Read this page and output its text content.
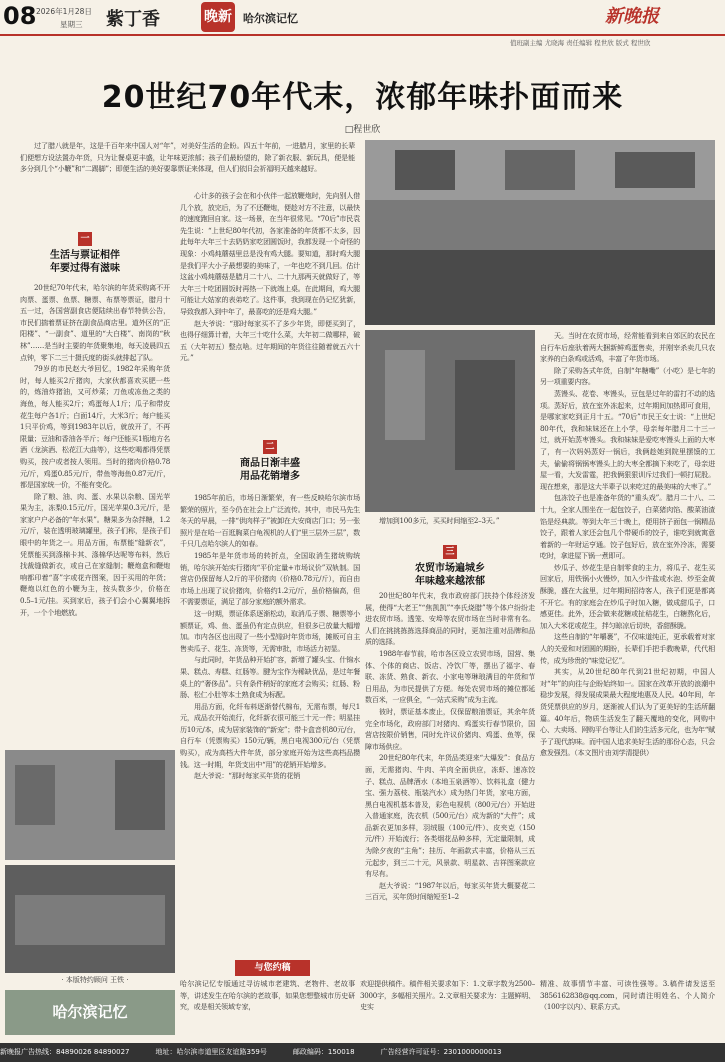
08 2026年1月28日
星期三 紫丁香	晚新 哈尔滨记忆	新晚报
值班副主编 尤晓海 责任编辑 程世欣 版式 程世欣
20世纪70年代末，浓郁年味扑面而来
□程世欣

过了腊八就是年，这是千百年来中国人对“年”，对美好生活的企盼。四五十年前，一进腊月，家里的长辈们便想方设法置办年货，只为让餐桌更丰盛，让年味更浓郁；孩子们最盼望的，除了新衣服、新玩具，便是能多分到几个“小鞭”和“二踢脚”；即便生活的美好要靠票证来体现，但人们依旧会祈福明天越来越好。

一
生活与票证相伴
年要过得有滋味

20世纪70年代末，哈尔滨的年货采购离不开肉票、蛋票、鱼票、糖票、布票等票证，腊月十五一过，各国营副食店便陆续出春节特供公告，市民们揣着票证挤在副食品商店里。道外区的“正阳楼”、“一副食”、道里的“大白楼”、南岗的“秋林”……是当时主要的年货聚集地，每天凌晨四五点钟，零下二三十摄氏度的街头就排起了队。

79岁的市民赵大爷回忆，1982年采购年货时，每人能买2斤猪肉，大家伙都喜欢买肥一些的，炼油炸猪油，又可炒菜；刀鱼或冻鱼之类的海鱼，每人能买2斤；鸡蛋每人1斤；瓜子和带皮花生每户各1斤；白面14斤，大米3斤；每户能买1只平价鸡，等到1983年以后，就放开了，不再限量；豆油和香油各半斤；每户还能买1瓶地方名酒（龙滨酒、松花江大曲等），这些吃喝都得凭票购买，按户或者按人领用。当时的猪肉价格0.78元/斤，鸡蛋0.85元/斤，带鱼等海鱼0.87元/斤，都是国家统一价，不能有变化。

除了粮、油、肉、蛋、水果以杂粮、国光苹果为主，冻梨0.15元/斤，国光苹果0.3元/斤，是家家户户必备的“年水果”。糖果多为杂拌糖，1.2元/斤，装在透明玻璃罐里，孩子们称，是孩子们眼中的年货之一。用品方面，布票能“缝新衣”，凭票能买到涤棉卡其、涤棉华达呢等布料，然后找裁缝做新衣，或自己在家缝制；鞭炮盒和鞭炮响都印着“喜”字或花卉图案，因于买用的年货；鞭炮以红色的小鞭为主，按头数多少，价格在0.5–1元/挂。买到家后，孩子们会小心翼翼地拆开，一个个地燃放。

心计多的孩子会在和小伙伴一起放鞭炮时，先向别人借几个放，放完后，为了不还鞭炮，便趁对方不注意，以最快的速度跑回自家。这一场景，在当年很常见。“70后”市民袁先生说：“上世纪80年代初，各家准备的年货都不太多，因此每年大年三十去奶奶家吃团圆饭时，我都发现一个奇怪的现象：小鸡炖蘑菇里总是没有鸡大腿。要知道，那时鸡大腿是我们平大小子最想要的美味了，一年也吃不到几回。估计这盆小鸡炖蘑菇是腊月二十八、二十九那两天就做好了，等大年三十吃团圆饭时再热一下就端上桌。在此期间，鸡大腿可能让大姑家的表弟吃了。这件事，我到现在仍记忆犹新，导致我都入到中年了，最喜吃的还是鸡大腿。”

赵大爷说：“那时每家买不了多少年货，即便买到了，也得仔细算计着，大年三十吃什么菜，大年初二做哪样，破五（大年初五）整点啥。过年期间的年货往往随着就五六十元。”

二
商品日渐丰盛
用品花销增多

1985年前后，市场日渐繁荣，有一些反映哈尔滨市场繁荣的照片，至今仍在社会上广泛流传。其中，市民马先生冬天的早晨，一排“供肉样子”被卸在大安商店门口；另一张照片是在哈一百逛胸菜白龟视机的人们“里三层外三层”，数千只几点哈尔滨人的如春。

1985年是年货市场的转折点，全国取消生猪统购统销，哈尔滨开始实行猪肉“平价定量+市场议价”双轨制。国营店仍保留每人2斤的平价猪肉（价格0.78元/斤），而自由市场上出现了议价猪肉，价格约1.2元/斤，虽价格偏高，但不需要票证，满足了部分家庭的额外需求。

这一时期，票证体系逐渐松动，取消瓜子票、糖票等小额票证，鸡、鱼、蛋虽仍有定点供应，但很多已放量大幅增加。市内各区也出现了一些小型临时年货市场，摊贩可自主售卖瓜子、花生、冻货等，无需审批，市场活力初显。

与此同时，年货品种开始扩容，新增了罐头宝、什锦水果、糕点、寿糕、红肠等。腱为宝作为稀缺优品，是过年餐桌上的“奢侈品”。只有条件稍好的家庭才会购买；红肠、粉肠、松仁小肚等本土熟食成为标配。

用品方面，化纤布料逐渐替代棉布，无需布票，每尺1元，成品衣开始流行，化纤新衣很可能三十元一件；明星挂历10元/本，成为居家装饰的“新宠”；带卡盒音机80元/台，自行车（凭票购买）150元/辆，黑白电视300元/台（凭票购买），成为高档大件年货，部分家庭开始为这些高档品攒钱。这一时期，年货支出中“用”的花销开始增多。

赵大爷说：“那时每家买年货的花销

增加到100多元，买买时间缩至2–3天。”

三
农贸市场遍城乡
年味越来越浓郁

20世纪80年代末，我市政府部门扶持个体经济发展，使得“大老王”“焦凯凯”“李氏烧腊”等个体户纷纷走进农贸市场。透笼、安埠等农贸市场在当时非常有名。人们在挑挑拣拣选择商品的同时，更加注重对品牌和品质的选择。

1988年春节前，哈市各区设立农贸市场，国营、集体、个体的商店、饭店、冷饮厂等，摆出了福字、春联、冻货、熟食、新衣、小家电等琳琅满目的年货和节日用品，为市民提供了方便。每处农贸市场的摊位都延数百米，一应俱全，“一站式采购”成为主流。

彼时，票证基本废止，仅保留粮油票证，其余年货完全市场化，政府部门对猪肉、鸡蛋实行春节限价，国营店按限价销售，同时允许议价猪肉、鸡蛋、鱼等，保障市场供应。

20世纪80年代末，年货品类迎来“大爆发”：食品方面，无需猪肉、牛肉、羊肉全面供应，冻虾、速冻饺子、糕点、品牌酒水（本地玉泉酒等）、饮料礼盒（健力宝、强力荔枝、瓶装汽水）成为热门年货，家电方面，黑白电视机基本普及，彩色电视机（800元/台）开始进入普通家庭，洗衣机（500元/台）成为新的“大件”；成品新衣更加多样，羽绒服（100元/件）、皮夹克（150元/件）开始流行；各类烟花品种多样，无定量限制，成为除夕夜的“主角”；挂历、年画款式丰富，价格从三五元起步，到三二十元，风景款、明星款、吉祥图案款应有尽有。

赵大爷说：“1987年以后，每家买年货大概要花二三百元，买年货时间缩短至1–2

天。当时在农贸市场，经常能看到来自郊区的农民在自行车后座驮着两大捆新鲜鸡蛋售卖，并刚宰杀卖几只农家养的白条鸡或活鸡，丰富了年货市场。

除了采购各式年货，自制“年糖嘞”（小吃）是七年的另一项重要内容。

蒸馒头、花卷、枣馒头，豆包是过年的雷打不动的选项。蒸好后，放在室外冻起来，过年期间加热即可食用，是哪家家吃到正月十五。“70后”市民王女士说：“上世纪80年代，我和妹妹还在上小学，母亲每年腊月二十三一过，就开始蒸枣馒头。我和妹妹是爱吃枣馒头上面的大枣了，有一次妈妈蒸好一锅后，我俩趁她到院里摆馍的工夫，偷偷将锅锅枣馒头上的大枣全都摘下来吃了，母亲进屋一看，大发雷霆，把我俩狠狠训斥过我们一顿打屁股。现在想来，那是这大半辈子以来吃过的最美味的大枣了。”

包冻饺子也是准备年货的“重头戏”。腊月二十八、二十九，全家人围坐在一起包饺子，白菜猪肉馅、酸菜油渣馅是经典款。等到大年三十晚上，便用挤子面包一锅精品饺子，跟着人家还会包几个带硬币的饺子，谁吃到就寓意着新的一年财运亨通。饺子包好后，放在室外冷冻，需要吃时，拿进屋下锅一煮即可。

炒瓜子、炒花生是自制零食的主力，将瓜子、花生买回家后，用铁锅小火慢炒，加入少许盐或水泡、炒至金黄酥脆，盛在大盆里，过年期间招待客人，孩子们更是都离不开它。有的家庭会在炒瓜子时加入糖，做成甜瓜子，口感更佳。此外，还会做来花糖或扯秸花生，白糖熬化后，加入大米花或花生，拌匀晾凉后切块，香甜酥脆。

这些自制的“年嚼裹”，不仅味道纯正，更承载着对家人的关爱和对团圆的期盼，长辈们手把手教晚辈，代代相传，成为珍贵的“味觉记忆”。

其实，从20世纪80年代到21世纪初期，中国人对“年”的向往与企盼始终如一。国家在改革开放的浪潮中稳步发展，得发展成果最大程度地惠及人民。40年间，年货凭票供应的岁月，逐渐被人们认为了更美好的生活所翻篇。40年后，物质生活发生了翻天覆地的变化，网购中心、大卖场、网购平台等让人们的生活多元化，也为年“赋予了现代韵味。而中国人追求美好生活的那份心态，只会愈发强烈。（本文图片由刘学清提供）

· 本版特约顾问 王铁 ·
哈尔滨记忆
与您约稿
哈尔滨记忆专版通过寻访城市老建筑、老物件、老故事等，讲述发生在哈尔滨的老故事，如果您想整城市历史研究，或是相关领域专家，
欢迎提供稿件。稿件相关要求如下：1.文章字数为2500–3000字，多幅相关照片。2.文章相关要求为：主题鲜明、史实
精准、故事情节丰富、可读性强等。3.稿件请发送至 3856162838@qq.com，同时请注明姓名、个人简介（100字以内）、联系方式。
新晚报广告热线：84890026 84890027	地址：哈尔滨市道里区友谊路359号	邮政编码：150018	广告经营许可证号：2301000000013
